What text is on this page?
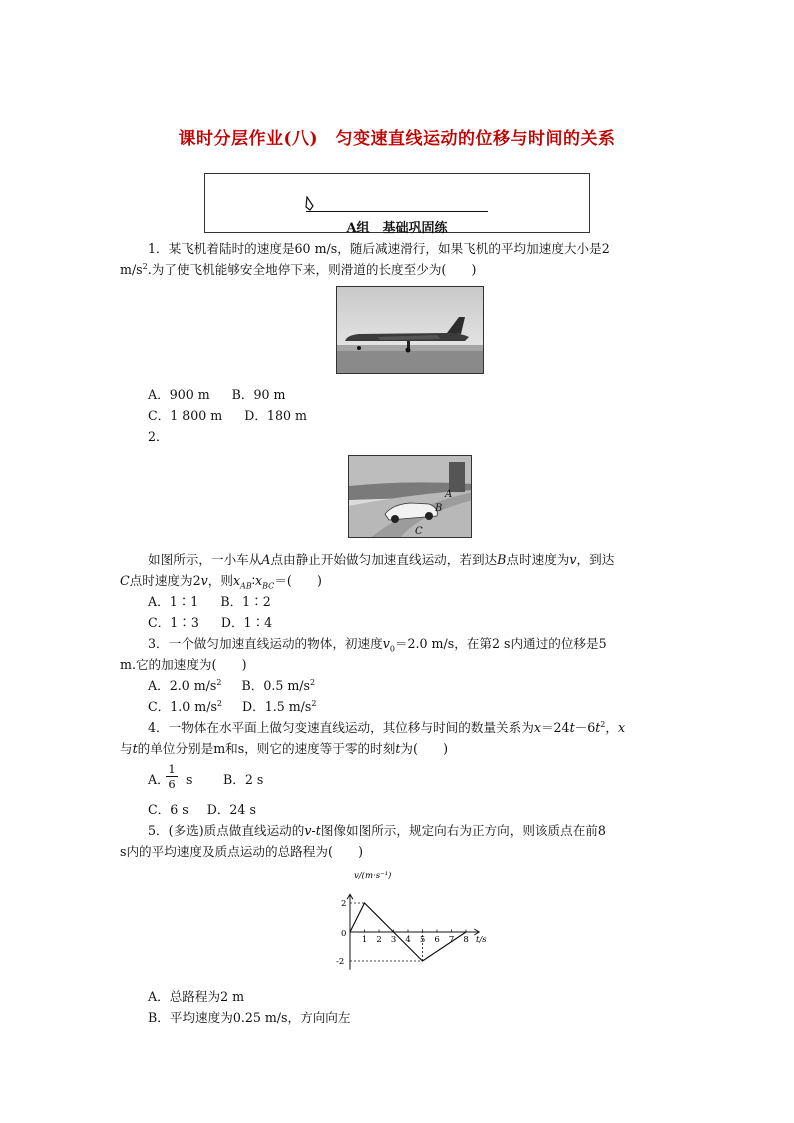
课时分层作业(八)　匀变速直线运动的位移与时间的关系
A组　基础巩固练
1．某飞机着陆时的速度是60 m/s，随后减速滑行，如果飞机的平均加速度大小是2
$m/s^2$.为了使飞机能够安全地停下来，则滑道的长度至少为(　　)
A．900 m B．90 m
C．1 800 m D．180 m
2．
A
B
C
如图所示，一小车从A点由静止开始做匀加速直线运动，若到达B点时速度为v，到达
C点时速度为2v，则$x_{AB}∶x_{BC}=$(　　)
A．1∶1 B．1∶2
C．1∶3 D．1∶4
3．一个做匀加速直线运动的物体，初速度$v_0=2.0$ m/s，在第2 s内通过的位移是5
m.它的加速度为(　　)
A．2.0 $m/s^2$ B．0.5 $m/s^2$
C．1.0 $m/s^2$ D．1.5 $m/s^2$
4．一物体在水平面上做匀变速直线运动，其位移与时间的数量关系为$x=24t-6t^2$，x
与t的单位分别是m和s，则它的速度等于零的时刻t为(　　)
A．
1
6 s B．2 s
C．6 s D．24 s
5．(多选)质点做直线运动的v-t图像如图所示，规定向右为正方向，则该质点在前8
s内的平均速度及质点运动的总路程为(　　)
1 2 3 4 5 6 7 8
2
0
-2
v/(m·s⁻¹)
t/s
A．总路程为2 m
B．平均速度为0.25 m/s，方向向左
